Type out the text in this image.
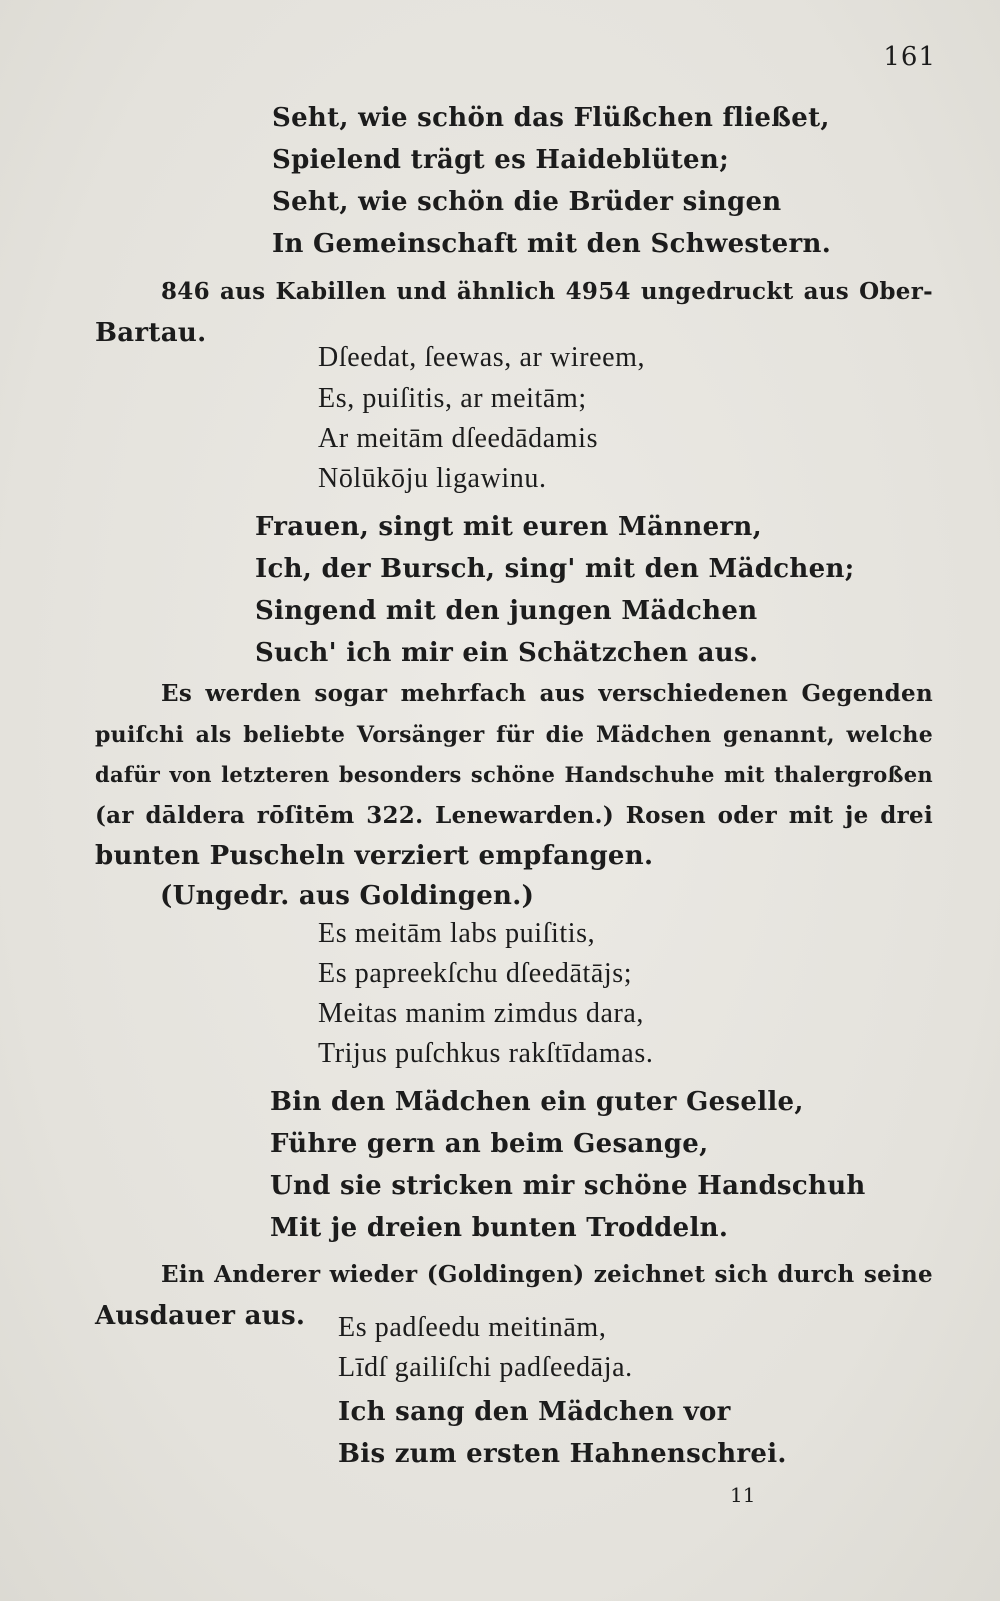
161
Seht, wie schön das Flüßchen fließet,
Spielend trägt es Haideblüten;
Seht, wie schön die Brüder singen
In Gemeinschaft mit den Schwestern.
846 aus Kabillen und ähnlich 4954 ungedruckt aus Ober-
Bartau.
Dſeedat, ſeewas, ar wireem,
Es, puiſitis, ar meitām;
Ar meitām dſeedādamis
Nōlūkōju ligawinu.
Frauen, singt mit euren Männern,
Ich, der Bursch, sing' mit den Mädchen;
Singend mit den jungen Mädchen
Such' ich mir ein Schätzchen aus.
Es werden sogar mehrfach aus verschiedenen Gegenden
puiſchi als beliebte Vorsänger für die Mädchen genannt, welche
dafür von letzteren besonders schöne Handschuhe mit thalergroßen
(ar dāldera rōſitēm 322. Lenewarden.) Rosen oder mit je drei
bunten Puscheln verziert empfangen.
(Ungedr. aus Goldingen.)
Es meitām labs puiſitis,
Es papreekſchu dſeedātājs;
Meitas manim zimdus dara,
Trijus puſchkus rakſtīdamas.
Bin den Mädchen ein guter Geselle,
Führe gern an beim Gesange,
Und sie stricken mir schöne Handschuh
Mit je dreien bunten Troddeln.
Ein Anderer wieder (Goldingen) zeichnet sich durch seine
Ausdauer aus.	Es padſeedu meitinām,
Līdſ gailiſchi padſeedāja.
Ich sang den Mädchen vor
Bis zum ersten Hahnenschrei.
11
